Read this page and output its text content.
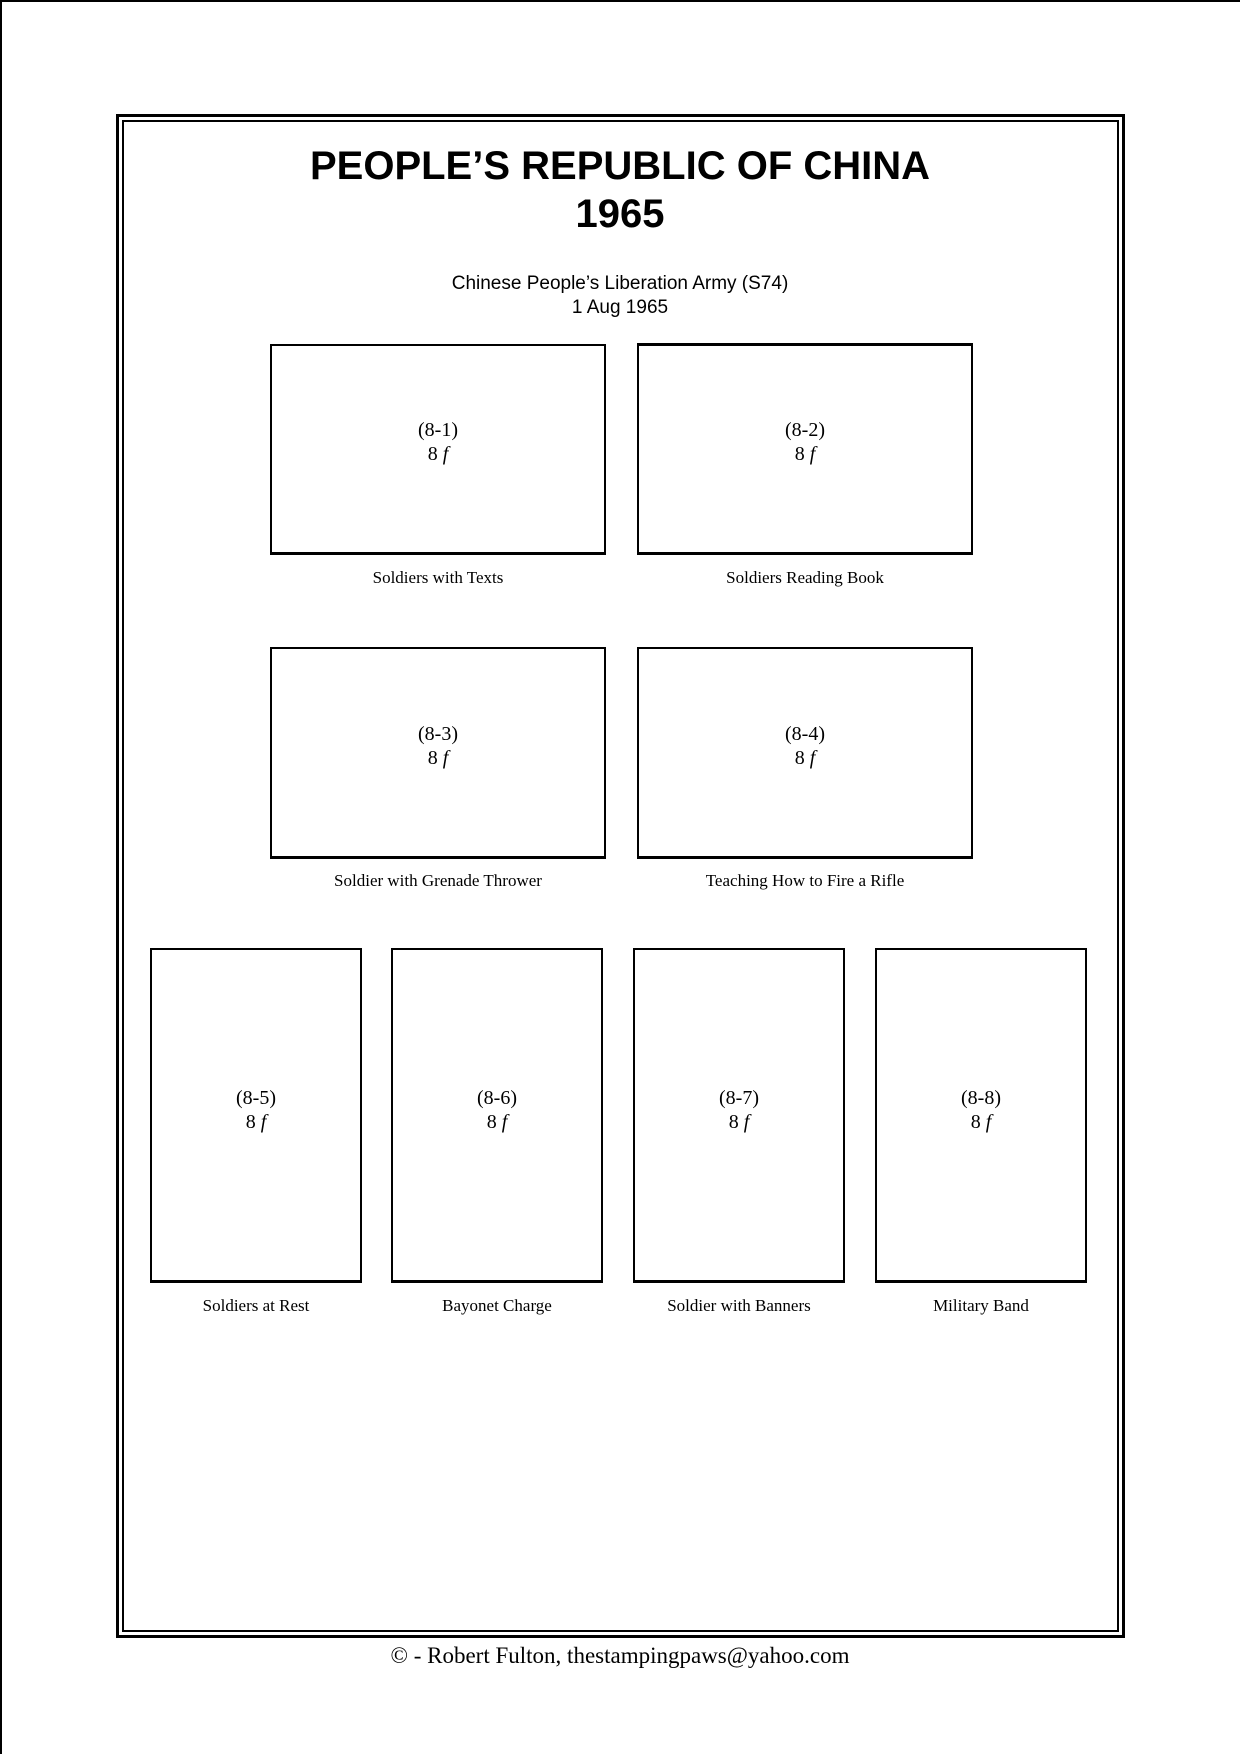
PEOPLE’S REPUBLIC OF CHINA
1965
Chinese People’s Liberation Army (S74)
1 Aug 1965
(8-1)
8 f
Soldiers with Texts
(8-2)
8 f
Soldiers Reading Book
(8-3)
8 f
Soldier with Grenade Thrower
(8-4)
8 f
Teaching How to Fire a Rifle
(8-5)
8 f
Soldiers at Rest
(8-6)
8 f
Bayonet Charge
(8-7)
8 f
Soldier with Banners
(8-8)
8 f
Military Band
© - Robert Fulton, thestampingpaws@yahoo.com
